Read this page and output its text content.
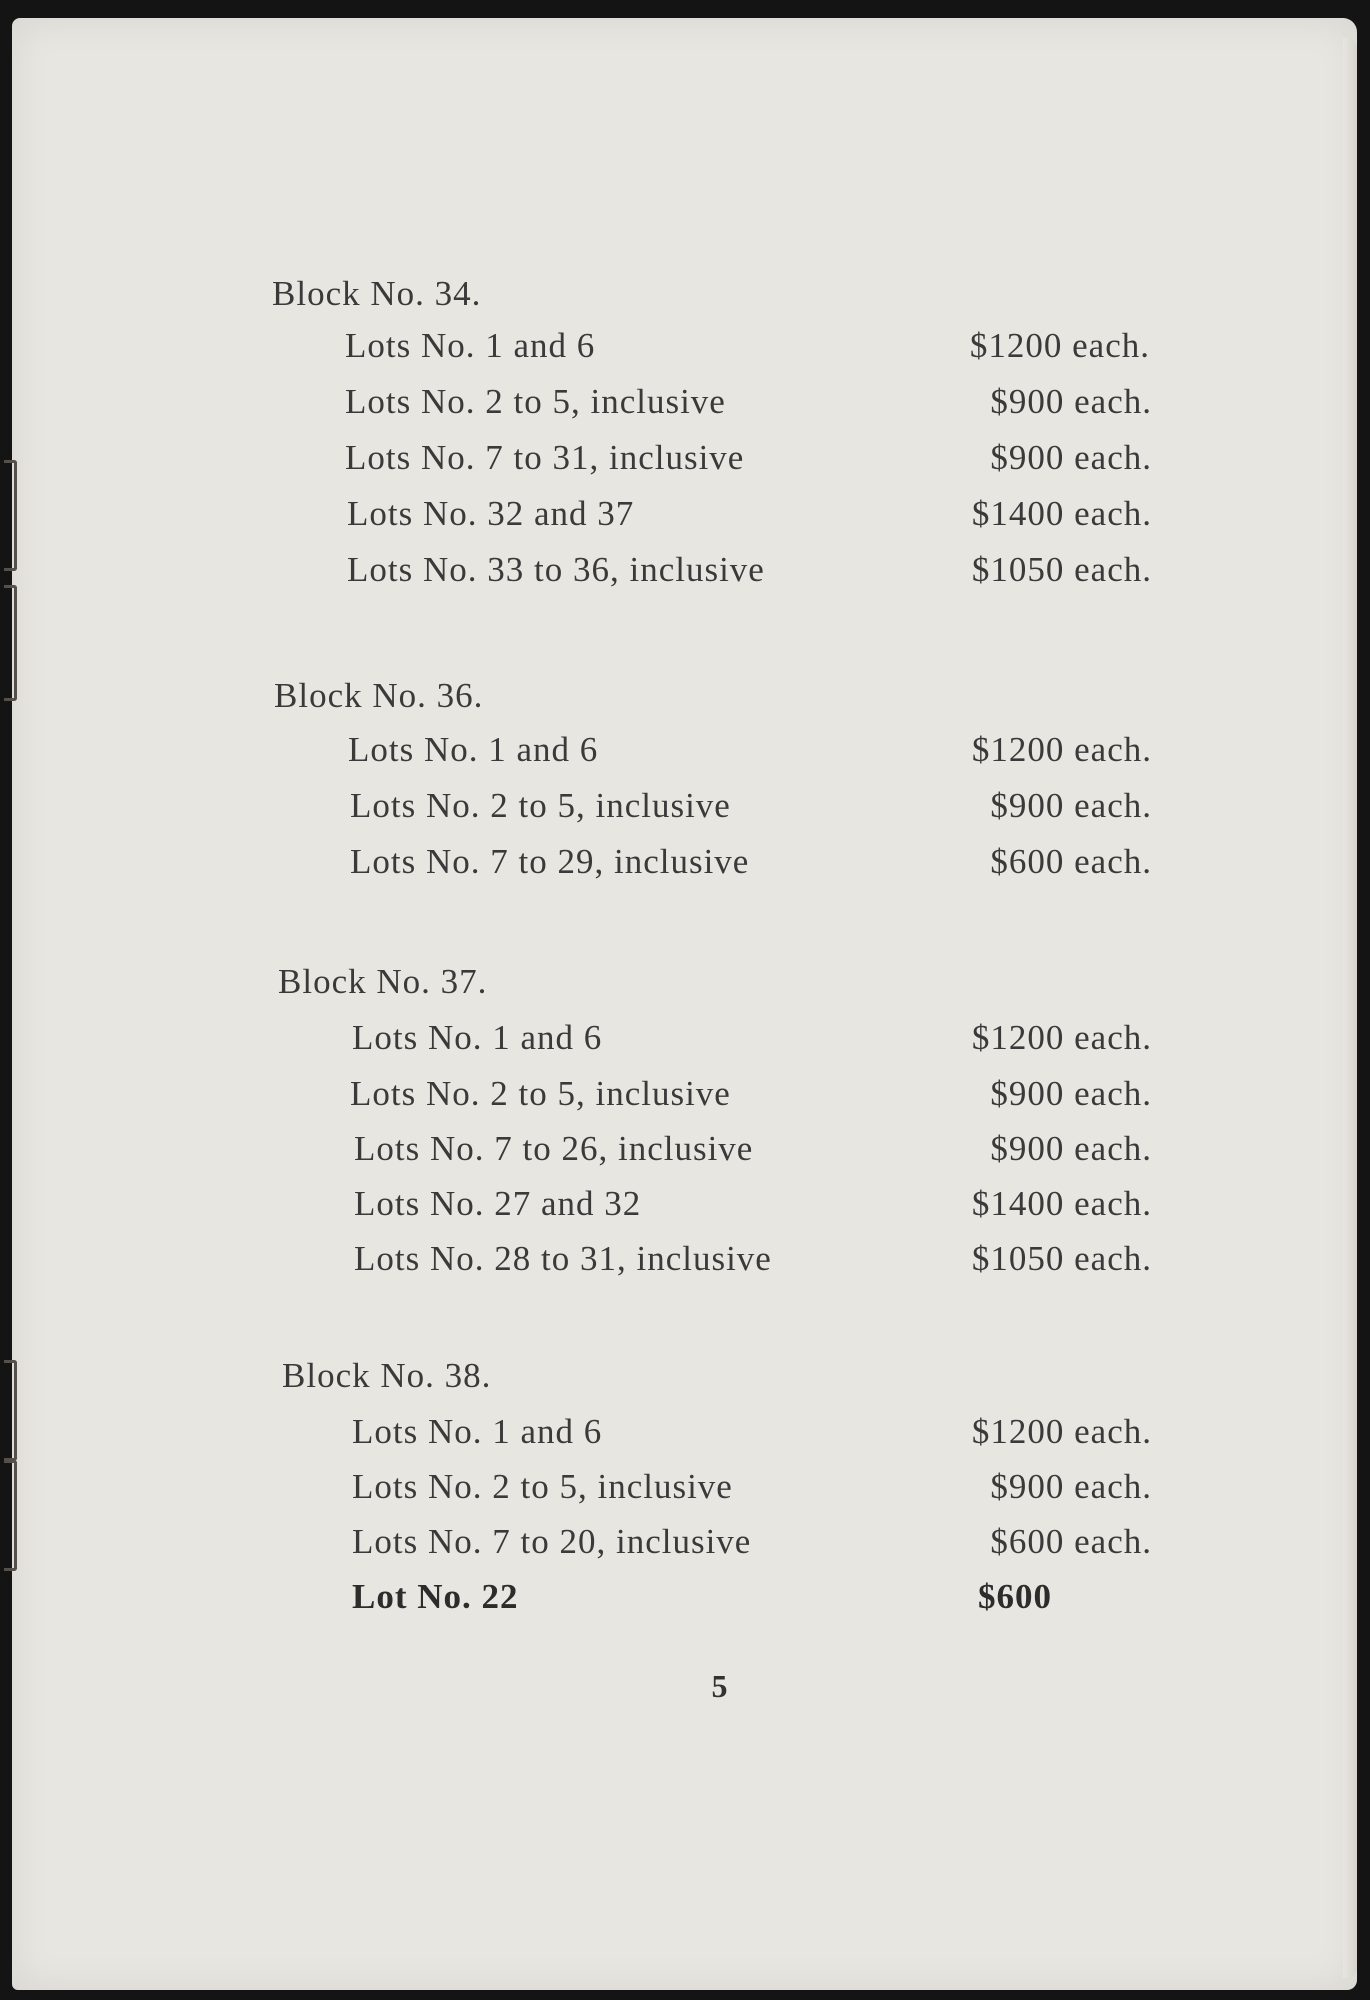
Block No. 34.
Lots No. 1 and 6	$1200 each.
Lots No. 2 to 5, inclusive	$900 each.
Lots No. 7 to 31, inclusive	$900 each.
Lots No. 32 and 37	$1400 each.
Lots No. 33 to 36, inclusive	$1050 each.
Block No. 36.
Lots No. 1 and 6	$1200 each.
Lots No. 2 to 5, inclusive	$900 each.
Lots No. 7 to 29, inclusive	$600 each.
Block No. 37.
Lots No. 1 and 6	$1200 each.
Lots No. 2 to 5, inclusive	$900 each.
Lots No. 7 to 26, inclusive	$900 each.
Lots No. 27 and 32	$1400 each.
Lots No. 28 to 31, inclusive	$1050 each.
Block No. 38.
Lots No. 1 and 6	$1200 each.
Lots No. 2 to 5, inclusive	$900 each.
Lots No. 7 to 20, inclusive	$600 each.
Lot No. 22	$600
5
